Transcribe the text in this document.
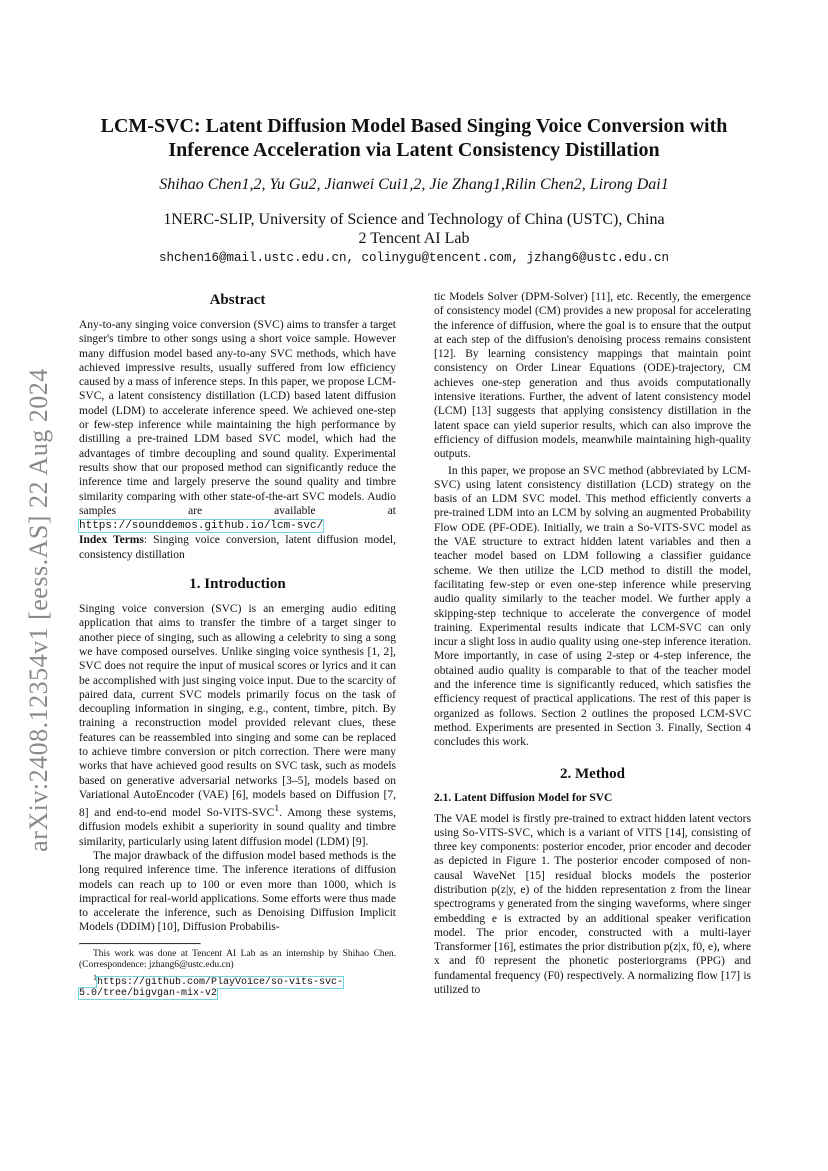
arXiv:2408.12354v1 [eess.AS] 22 Aug 2024
LCM-SVC: Latent Diffusion Model Based Singing Voice Conversion with
Inference Acceleration via Latent Consistency Distillation
Shihao Chen1,2, Yu Gu2, Jianwei Cui1,2, Jie Zhang1,Rilin Chen2, Lirong Dai1
1NERC-SLIP, University of Science and Technology of China (USTC), China
2 Tencent AI Lab
shchen16@mail.ustc.edu.cn, colinygu@tencent.com, jzhang6@ustc.edu.cn
Abstract

Any-to-any singing voice conversion (SVC) aims to transfer a target singer's timbre to other songs using a short voice sample. However many diffusion model based any-to-any SVC methods, which have achieved impressive results, usually suffered from low efficiency caused by a mass of inference steps. In this paper, we propose LCM-SVC, a latent consistency distillation (LCD) based latent diffusion model (LDM) to accelerate inference speed. We achieved one-step or few-step inference while maintaining the high performance by distilling a pre-trained LDM based SVC model, which had the advantages of timbre decoupling and sound quality. Experimental results show that our proposed method can significantly reduce the inference time and largely preserve the sound quality and timbre similarity comparing with other state-of-the-art SVC models. Audio samples are available at https://sounddemos.github.io/lcm-svc/

Index Terms: Singing voice conversion, latent diffusion model, consistency distillation

1. Introduction

Singing voice conversion (SVC) is an emerging audio editing application that aims to transfer the timbre of a target singer to another piece of singing, such as allowing a celebrity to sing a song we have composed ourselves. Unlike singing voice synthesis [1, 2], SVC does not require the input of musical scores or lyrics and it can be accomplished with just singing voice input. Due to the scarcity of paired data, current SVC models primarily focus on the task of decoupling information in singing, e.g., content, timbre, pitch. By training a reconstruction model provided relevant clues, these features can be reassembled into singing and some can be replaced to achieve timbre conversion or pitch correction. There were many works that have achieved good results on SVC task, such as models based on generative adversarial networks [3–5], models based on Variational AutoEncoder (VAE) [6], models based on Diffusion [7, 8] and end-to-end model So-VITS-SVC$^1$. Among these systems, diffusion models exhibit a superiority in sound quality and timbre similarity, particularly using latent diffusion model (LDM) [9].

The major drawback of the diffusion model based methods is the long required inference time. The inference iterations of diffusion models can reach up to 100 or even more than 1000, which is impractical for real-world applications. Some efforts were thus made to accelerate the inference, such as Denoising Diffusion Implicit Models (DDIM) [10], Diffusion Probabilis-

This work was done at Tencent AI Lab as an internship by Shihao Chen. (Correspondence: jzhang6@ustc.edu.cn)

$^1$https://github.com/PlayVoice/so-vits-svc-5.0/tree/bigvgan-mix-v2

tic Models Solver (DPM-Solver) [11], etc. Recently, the emergence of consistency model (CM) provides a new proposal for accelerating the inference of diffusion, where the goal is to ensure that the output at each step of the diffusion's denoising process remains consistent [12]. By learning consistency mappings that maintain point consistency on Order Linear Equations (ODE)-trajectory, CM achieves one-step generation and thus avoids computationally intensive iterations. Further, the advent of latent consistency model (LCM) [13] suggests that applying consistency distillation in the latent space can yield superior results, which can also improve the efficiency of diffusion models, meanwhile maintaining high-quality outputs.

In this paper, we propose an SVC method (abbreviated by LCM-SVC) using latent consistency distillation (LCD) strategy on the basis of an LDM SVC model. This method efficiently converts a pre-trained LDM into an LCM by solving an augmented Probability Flow ODE (PF-ODE). Initially, we train a So-VITS-SVC model as the VAE structure to extract hidden latent variables and then a teacher model based on LDM following a classifier guidance scheme. We then utilize the LCD method to distill the model, facilitating few-step or even one-step inference while preserving audio quality similarly to the teacher model. We further apply a skipping-step technique to accelerate the convergence of model training. Experimental results indicate that LCM-SVC can only incur a slight loss in audio quality using one-step inference iteration. More importantly, in case of using 2-step or 4-step inference, the obtained audio quality is comparable to that of the teacher model and the inference time is significantly reduced, which satisfies the efficiency request of practical applications. The rest of this paper is organized as follows. Section 2 outlines the proposed LCM-SVC method. Experiments are presented in Section 3. Finally, Section 4 concludes this work.

2. Method
2.1. Latent Diffusion Model for SVC

The VAE model is firstly pre-trained to extract hidden latent vectors using So-VITS-SVC, which is a variant of VITS [14], consisting of three key components: posterior encoder, prior encoder and decoder as depicted in Figure 1. The posterior encoder composed of non-causal WaveNet [15] residual blocks models the posterior distribution p(z|y, e) of the hidden representation z from the linear spectrograms y generated from the singing waveforms, where singer embedding e is extracted by an additional speaker verification model. The prior encoder, constructed with a multi-layer Transformer [16], estimates the prior distribution p(z|x, f0, e), where x and f0 represent the phonetic posteriorgrams (PPG) and fundamental frequency (F0) respectively. A normalizing flow [17] is utilized to
